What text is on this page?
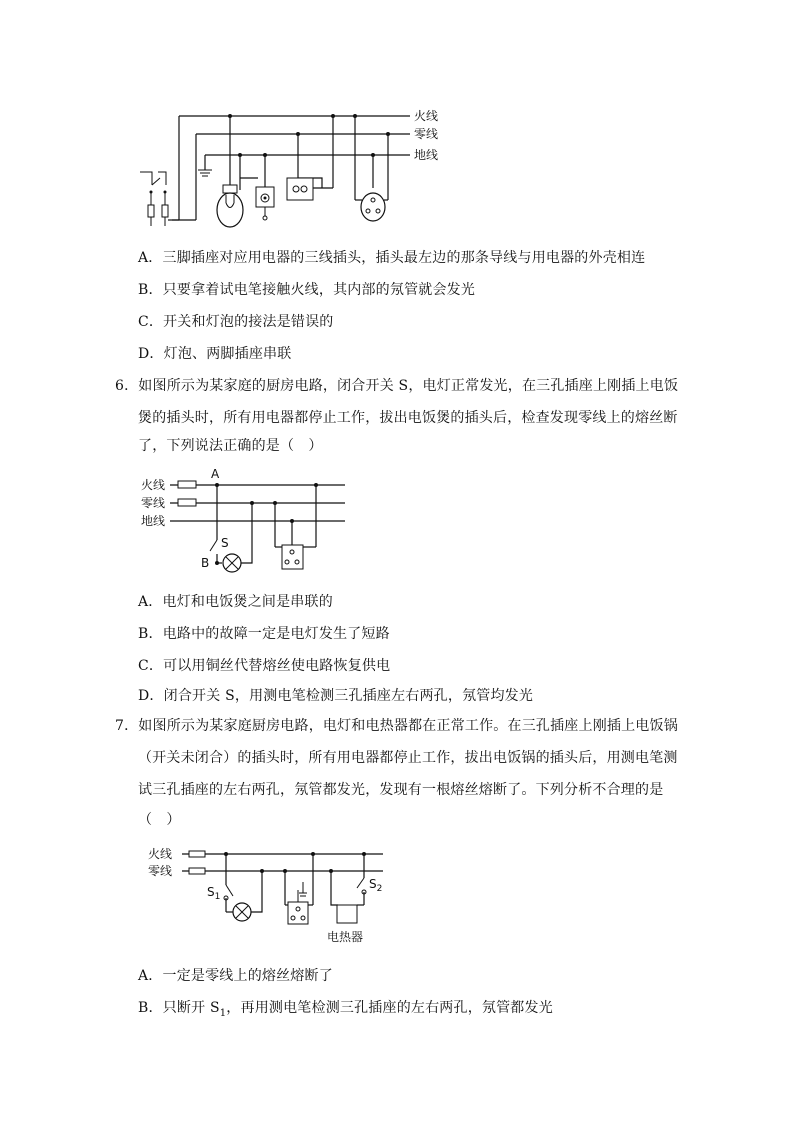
火线
零线
地线
A．三脚插座对应用电器的三线插头，插头最左边的那条导线与用电器的外壳相连
B．只要拿着试电笔接触火线，其内部的氖管就会发光
C．开关和灯泡的接法是错误的
D．灯泡、两脚插座串联
6．如图所示为某家庭的厨房电路，闭合开关 S，电灯正常发光，在三孔插座上刚插上电饭
煲的插头时，所有用电器都停止工作，拔出电饭煲的插头后，检查发现零线上的熔丝断
了，下列说法正确的是（　）
火线
零线
地线
A
S
B
A．电灯和电饭煲之间是串联的
B．电路中的故障一定是电灯发生了短路
C．可以用铜丝代替熔丝使电路恢复供电
D．闭合开关 S，用测电笔检测三孔插座左右两孔，氖管均发光
7．如图所示为某家庭厨房电路，电灯和电热器都在正常工作。在三孔插座上刚插上电饭锅
（开关未闭合）的插头时，所有用电器都停止工作，拔出电饭锅的插头后，用测电笔测
试三孔插座的左右两孔，氖管都发光，发现有一根熔丝熔断了。下列分析不合理的是
（　）
火线
零线
$S_1$
$S_2$
电热器
A．一定是零线上的熔丝熔断了
B．只断开 $S_1$，再用测电笔检测三孔插座的左右两孔，氖管都发光
